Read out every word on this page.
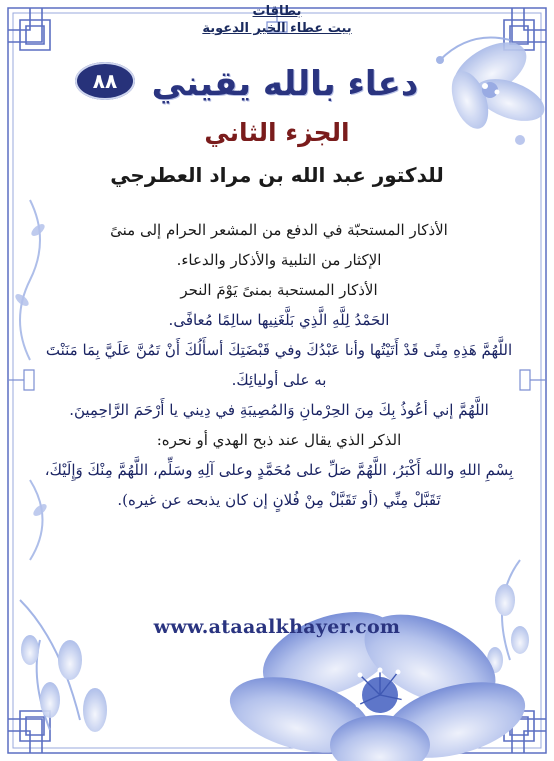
بطاقات
بيت عطاء الخير الدعوية
٨٨	دعاء بالله يقيني
الجزء الثاني
للدكتور عبد الله بن مراد العطرجي
الأذكار المستحبّة في الدفع من المشعر الحرام إلى منىً
الإكثار من التلبية والأذكار والدعاء.
الأذكار المستحبة بمنىً يَوْمَ النحر
الحَمْدُ لِلَّهِ الَّذِي بَلَّغَنِيها سالِمًا مُعافًى.
اللَّهُمَّ هَذِهِ مِنًى قَدْ أَتَيْتُها وأنا عَبْدُكَ وفي قَبْضَتِكَ أسأَلُكَ أَنْ تَمُنَّ عَلَيَّ بِمَا مَنَنْتَ به على أوليائِكَ.
اللَّهُمَّ إني أعُوذُ بِكَ مِنَ الحِرْمانِ وَالمُصِيبَةِ في دِيني يا أَرْحَمَ الرَّاحِمِينَ.
الذكر الذي يقال عند ذبح الهدي أو نحره:
بِسْمِ اللهِ والله أَكْبَرُ، اللَّهُمَّ صَلِّ على مُحَمَّدٍ وعلى آلِهِ وسَلِّم، اللَّهُمَّ مِنْكَ وَإِلَيْكَ، تَقَبَّلْ مِنِّي (أو تَقَبَّلْ مِنْ فُلانٍ إن كان يذبحه عن غيره).
www.ataaalkhayer.com
